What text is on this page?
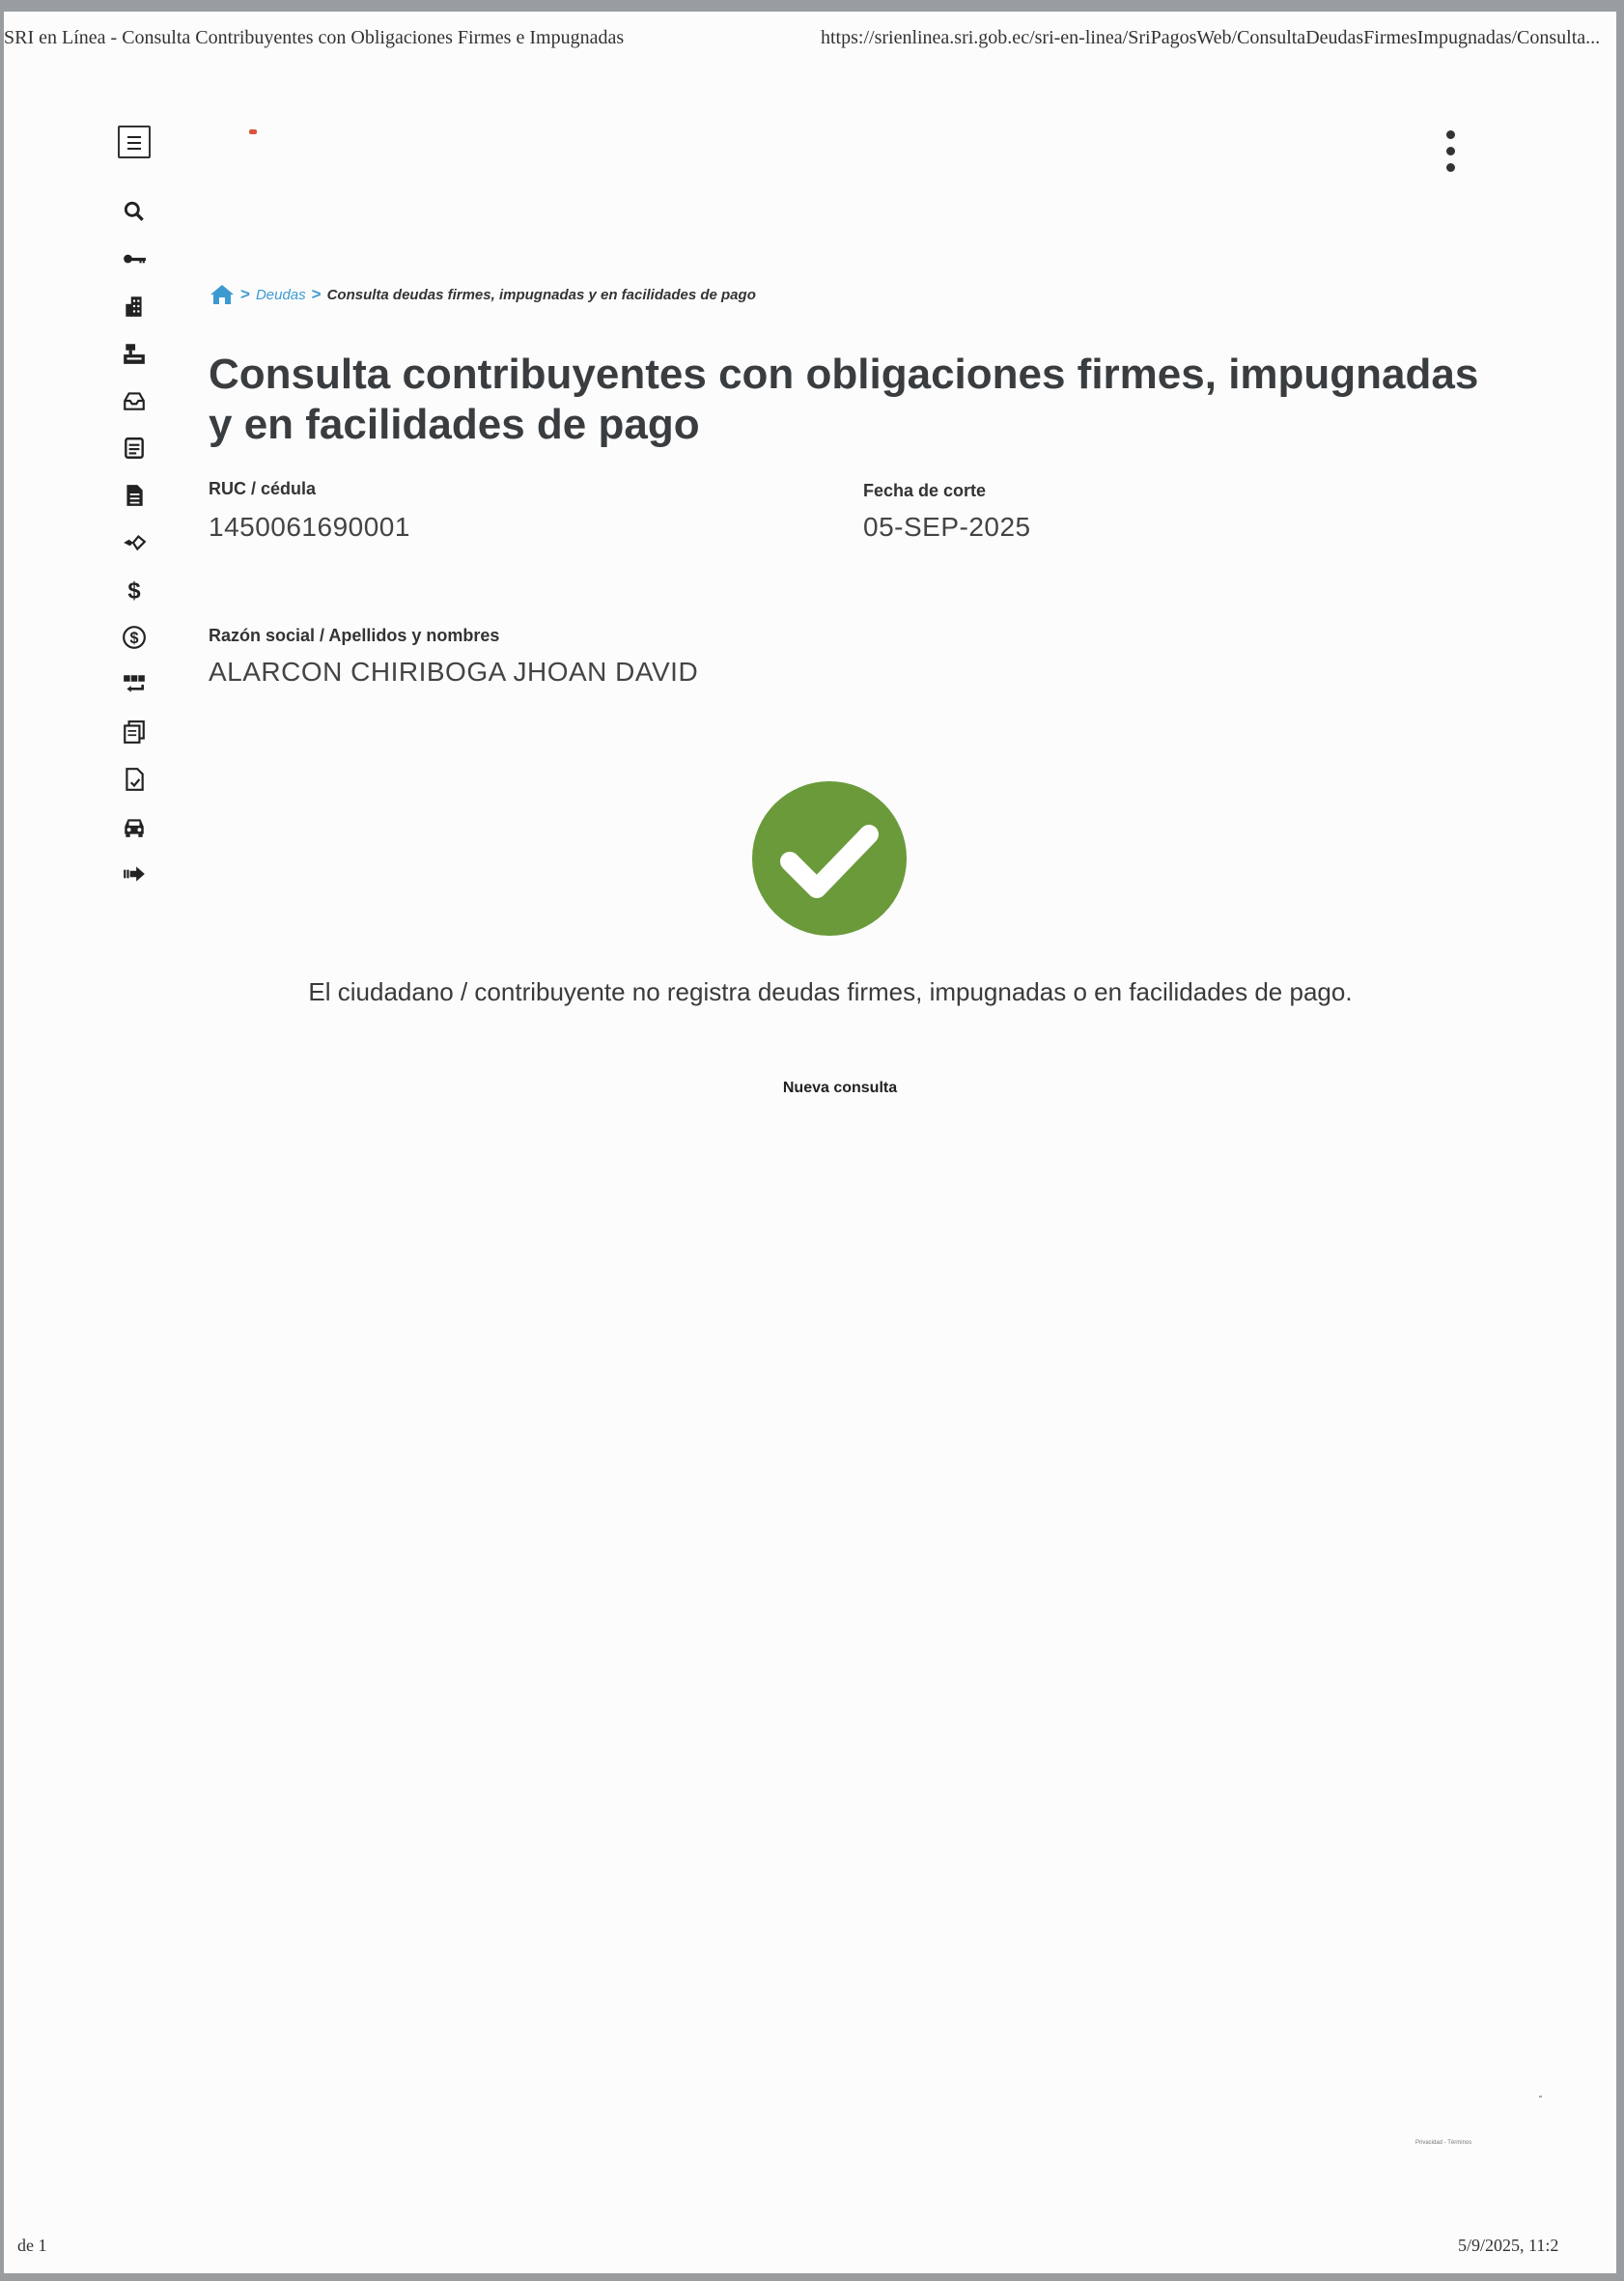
SRI en Línea - Consulta Contribuyentes con Obligaciones Firmes e Impugnadas	https://srienlinea.sri.gob.ec/sri-en-linea/SriPagosWeb/ConsultaDeudasFirmesImpugnadas/Consulta...
$
$
> Deudas > Consulta deudas firmes, impugnadas y en facilidades de pago
Consulta contribuyentes con obligaciones firmes, impugnadas y en facilidades de pago
RUC / cédula
1450061690001
Fecha de corte
05-SEP-2025
Razón social / Apellidos y nombres
ALARCON CHIRIBOGA JHOAN DAVID
El ciudadano / contribuyente no registra deudas firmes, impugnadas o en facilidades de pago.
Nueva consulta
Privacidad - Términos
de 1	5/9/2025, 11:2
